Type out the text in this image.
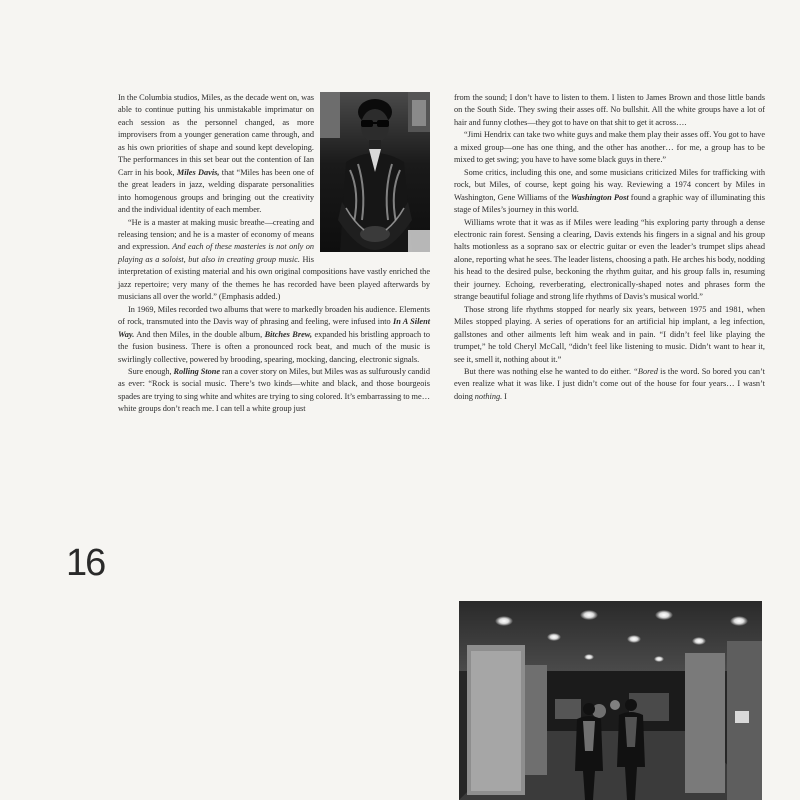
In the Columbia studios, Miles, as the decade went on, was able to continue putting his unmistakable imprimatur on each session as the personnel changed, as more improvisers from a younger generation came through, and as his own priorities of shape and sound kept developing. The performances in this set bear out the contention of Ian Carr in his book, Miles Davis, that “Miles has been one of the great leaders in jazz, welding disparate personalities into homogenous groups and bringing out the creativity and the individual identity of each member.

“He is a master at making music breathe—creating and releasing tension; and he is a master of economy of means and expression. And each of these masteries is not only on playing as a soloist, but also in creating group music. His interpretation of existing material and his own original compositions have vastly enriched the jazz repertoire; very many of the themes he has recorded have been played afterwards by musicians all over the world.” (Emphasis added.)

In 1969, Miles recorded two albums that were to markedly broaden his audience. Elements of rock, transmuted into the Davis way of phrasing and feeling, were infused into In A Silent Way. And then Miles, in the double album, Bitches Brew, expanded his bristling approach to the fusion business. There is often a pronounced rock beat, and much of the music is swirlingly collective, powered by brooding, spearing, mocking, dancing, electronic signals.

Sure enough, Rolling Stone ran a cover story on Miles, but Miles was as sulfurously candid as ever: “Rock is social music. There’s two kinds—white and black, and those bourgeois spades are trying to sing white and whites are trying to sing colored. It’s embarrassing to me… white groups don’t reach me. I can tell a white group just

16

from the sound; I don’t have to listen to them. I listen to James Brown and those little bands on the South Side. They swing their asses off. No bullshit. All the white groups have a lot of hair and funny clothes—they got to have on that shit to get it across….

“Jimi Hendrix can take two white guys and make them play their asses off. You got to have a mixed group—one has one thing, and the other has another… for me, a group has to be mixed to get swing; you have to have some black guys in there.”

Some critics, including this one, and some musicians criticized Miles for trafficking with rock, but Miles, of course, kept going his way. Reviewing a 1974 concert by Miles in Washington, Gene Williams of the Washington Post found a graphic way of illuminating this stage of Miles’s journey in this world.

Williams wrote that it was as if Miles were leading “his exploring party through a dense electronic rain forest. Sensing a clearing, Davis extends his fingers in a signal and his group halts motionless as a soprano sax or electric guitar or even the leader’s trumpet slips ahead alone, reporting what he sees. The leader listens, choosing a path. He arches his body, nodding his head to the desired pulse, beckoning the rhythm guitar, and his group falls in, resuming their journey. Echoing, reverberating, electronically-shaped notes and phrases form the strange beautiful foliage and strong life rhythms of Davis’s musical world.”

Those strong life rhythms stopped for nearly six years, between 1975 and 1981, when Miles stopped playing. A series of operations for an artificial hip implant, a leg infection, gallstones and other ailments left him weak and in pain. “I didn’t feel like playing the trumpet,” he told Cheryl McCall, “didn’t feel like listening to music. Didn’t want to hear it, see it, smell it, nothing about it.”

But there was nothing else he wanted to do either. “Bored is the word. So bored you can’t even realize what it was like. I just didn’t come out of the house for four years… I wasn’t doing nothing. I
